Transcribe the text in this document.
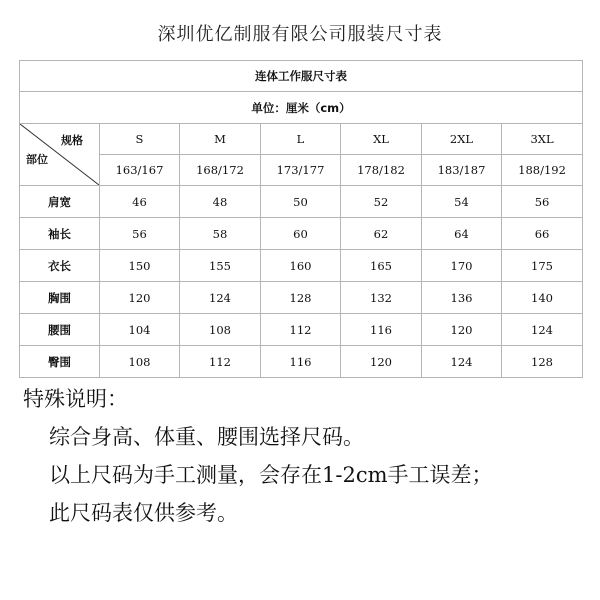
深圳优亿制服有限公司服装尺寸表
连体工作服尺寸表						
单位：厘米（cm）						

规格
部位	S	M	L	XL	2XL	3XL
	163/167	168/172	173/177	178/182	183/187	188/192
肩宽	46	48	50	52	54	56
袖长	56	58	60	62	64	66
衣长	150	155	160	165	170	175
胸围	120	124	128	132	136	140
腰围	104	108	112	116	120	124
臀围	108	112	116	120	124	128

特殊说明：

综合身高、体重、腰围选择尺码。

以上尺码为手工测量，会存在1-2cm手工误差；

此尺码表仅供参考。
